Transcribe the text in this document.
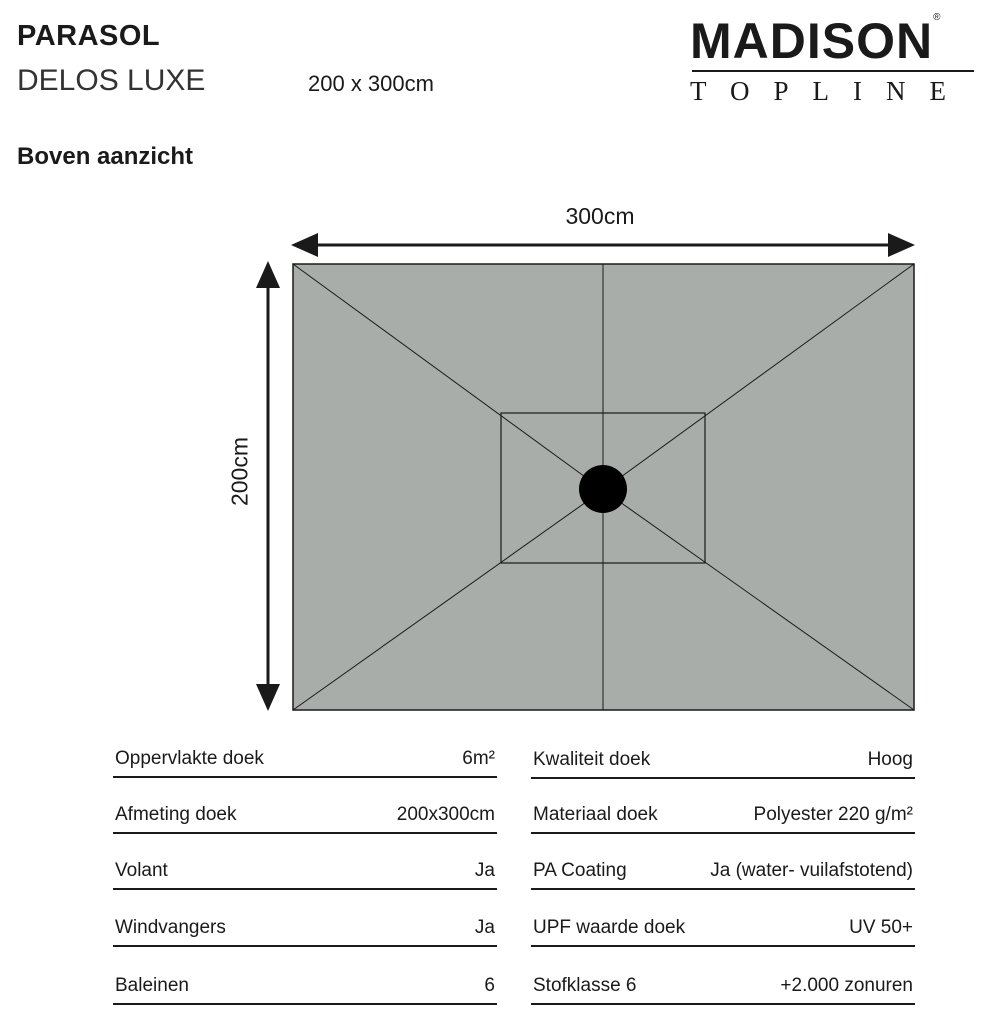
PARASOL
DELOS LUXE	200 x 300cm
MADISON®
TOPLINE
Boven aanzicht
300cm
200cm
Oppervlakte doek	6m²
Afmeting doek	200x300cm
Volant	Ja
Windvangers	Ja
Baleinen	6
Kwaliteit doek	Hoog
Materiaal doek	Polyester 220 g/m²
PA Coating	Ja (water- vuilafstotend)
UPF waarde doek	UV 50+
Stofklasse 6	+2.000 zonuren
